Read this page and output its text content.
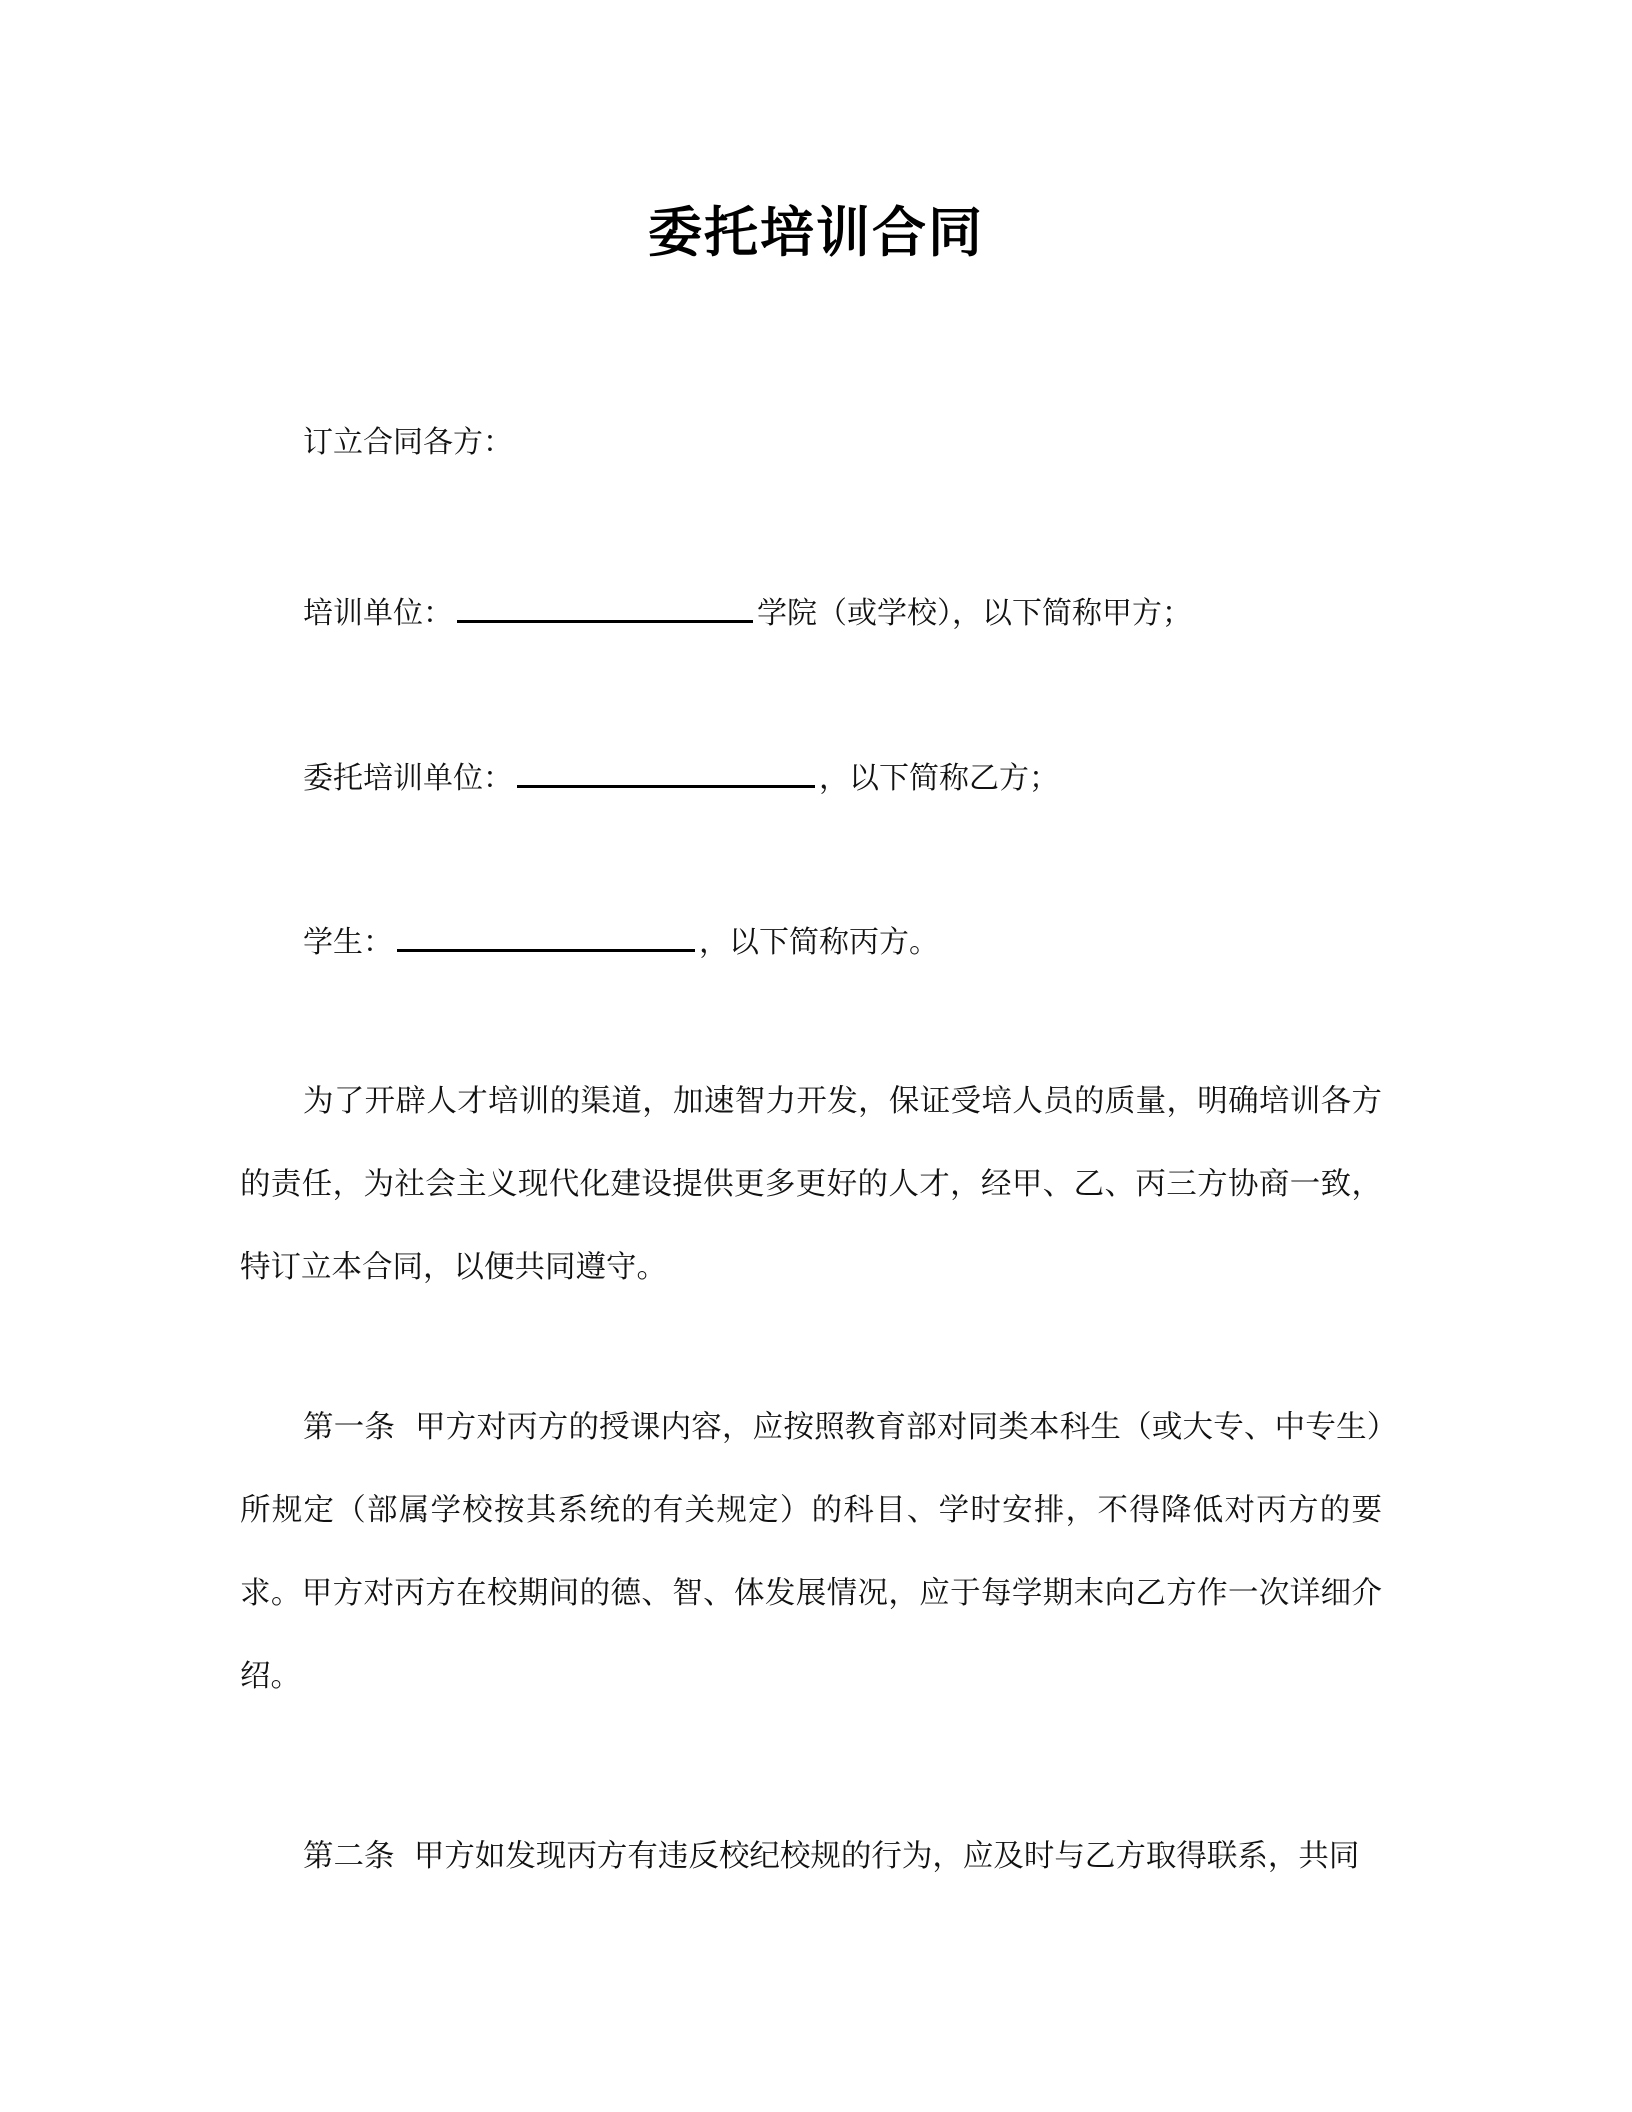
委托培训合同
订立合同各方：
培训单位：	学院（或学校），以下简称甲方；
委托培训单位：	，以下简称乙方；
学生：	，以下简称丙方。
为了开辟人才培训的渠道，加速智力开发，保证受培人员的质量，明确培训各方的责任，为社会主义现代化建设提供更多更好的人才，经甲、乙、丙三方协商一致，特订立本合同，以便共同遵守。
第一条 甲方对丙方的授课内容，应按照教育部对同类本科生（或大专、中专生）所规定（部属学校按其系统的有关规定）的科目、学时安排，不得降低对丙方的要求。甲方对丙方在校期间的德、智、体发展情况，应于每学期末向乙方作一次详细介绍。
第二条 甲方如发现丙方有违反校纪校规的行为，应及时与乙方取得联系，共同
